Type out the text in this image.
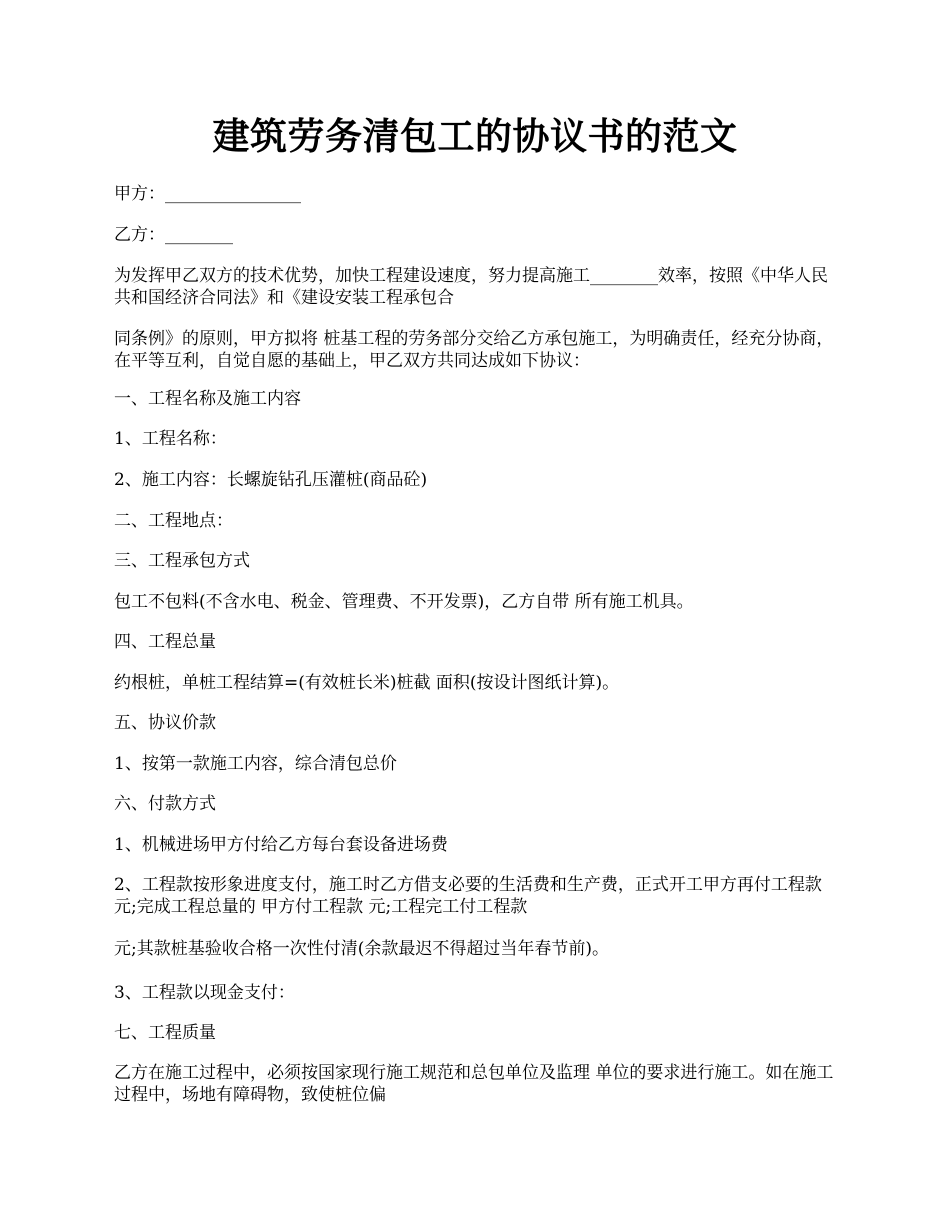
建筑劳务清包工的协议书的范文

甲方：________________

乙方：________

为发挥甲乙双方的技术优势，加快工程建设速度，努力提高施工________效率，按照《中华人民共和国经济合同法》和《建设安装工程承包合

同条例》的原则，甲方拟将 桩基工程的劳务部分交给乙方承包施工，为明确责任，经充分协商，在平等互利，自觉自愿的基础上，甲乙双方共同达成如下协议：

一、工程名称及施工内容

1、工程名称：

2、施工内容：长螺旋钻孔压灌桩(商品砼)

二、工程地点：

三、工程承包方式

包工不包料(不含水电、税金、管理费、不开发票)，乙方自带 所有施工机具。

四、工程总量

约根桩，单桩工程结算=(有效桩长米)桩截 面积(按设计图纸计算)。

五、协议价款

1、按第一款施工内容，综合清包总价

六、付款方式

1、机械进场甲方付给乙方每台套设备进场费

2、工程款按形象进度支付，施工时乙方借支必要的生活费和生产费，正式开工甲方再付工程款 元;完成工程总量的 甲方付工程款 元;工程完工付工程款

元;其款桩基验收合格一次性付清(余款最迟不得超过当年春节前)。

3、工程款以现金支付：

七、工程质量

乙方在施工过程中，必须按国家现行施工规范和总包单位及监理 单位的要求进行施工。如在施工过程中，场地有障碍物，致使桩位偏
